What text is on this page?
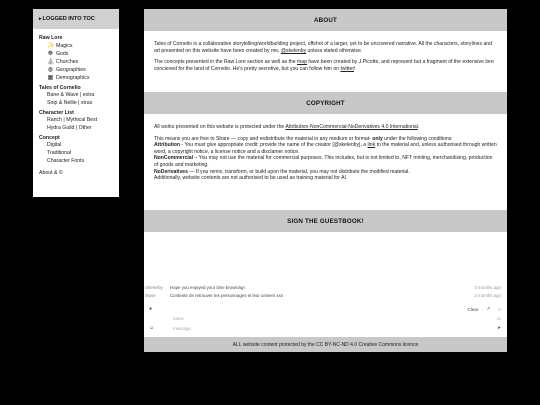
▸ LOGGED INTO TOC
Raw Lore
✨ Magics
☸ Gods
⛪ Churches
◍ Geographies
▦ Demographics
Tales of Cornelio
Bane & Wave | extra
Snip & Nellie | xtras
Character List
Ranch | Mythical Best
Hydra Guild | Other
Concept
Digital
Traditional
Character Fonts
About & ©
ABOUT

Tales of Cornelio is a collaborative storytelling/worldbuilding project, offshot of a larger, yet to be uncovered narrative. All the characters, storylines and art presented on this website have been created by me, @skelenby unless stated otherwise.

The concepts presented in the Raw Lore section as well as the map have been created by J.Picotte, and represent but a fragment of the extensive lore concieved for the land of Cornelio. He's pretty secretive, but you can follow him on twitter!

COPYRIGHT

All works presented on this website is protected under the Attribution-NonCommercial-NoDerivatives 4.0 International.

This means you are free to Share — copy and redistribute the material in any medium or format- only under the following conditions:

Attribution - You must give appropriate credit: provide the name of the creator [@skelenby], a link to the material and, unless authorised through written word, a copyright notice, a license notice and a disclamer notice.

NonCommercial – You may not use the material for commercial purposes. This includes, but is not limited to, NFT minting, merchandising, production of goods and marketing.

NoDerivatives — If you remix, transform, or build upon the material, you may not distribute the modified material.

Additionally, website contents are not authorised to be used as training material for AI.

SIGN THE GUESTBOOK!
Skelenby	Hope you enjoyed your time browsing!	3 months ago
Muse	Contente de retrouver tes personnages et leur univers xxx	3 months ago
●	Clear ↗ ○
name	40
☺	message	➤
ALL website content protected by the CC BY-NC-ND 4.0 Creative Commons licence
